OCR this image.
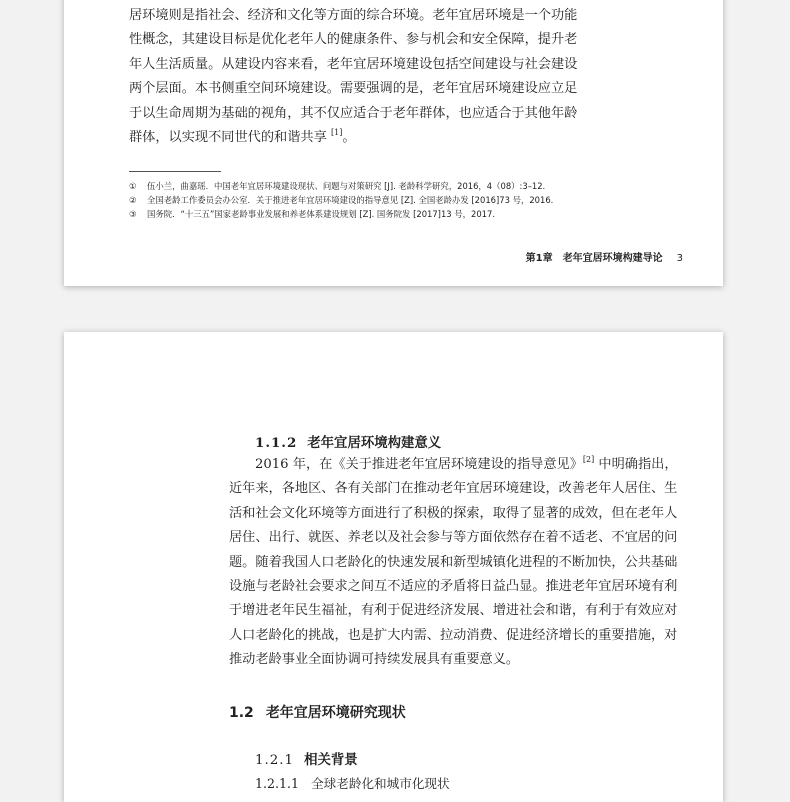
居环境则是指社会、经济和文化等方面的综合环境。老年宜居环境是一个功能
性概念，其建设目标是优化老年人的健康条件、参与机会和安全保障，提升老
年人生活质量。从建设内容来看，老年宜居环境建设包括空间建设与社会建设
两个层面。本书侧重空间环境建设。需要强调的是，老年宜居环境建设应立足
于以生命周期为基础的视角，其不仅应适合于老年群体，也应适合于其他年龄
群体，以实现不同世代的和谐共享 [1]。
① 伍小兰，曲嘉瑶．中国老年宜居环境建设现状、问题与对策研究 [J]. 老龄科学研究，2016，4（08）:3–12.
② 全国老龄工作委员会办公室．关于推进老年宜居环境建设的指导意见 [Z]. 全国老龄办发 [2016]73 号，2016.
③ 国务院．“十三五”国家老龄事业发展和养老体系建设规划 [Z]. 国务院发 [2017]13 号，2017.
第1章　老年宜居环境构建导论 3
1.1.2 老年宜居环境构建意义
2016 年，在《关于推进老年宜居环境建设的指导意见》[2] 中明确指出，
近年来，各地区、各有关部门在推动老年宜居环境建设，改善老年人居住、生
活和社会文化环境等方面进行了积极的探索，取得了显著的成效，但在老年人
居住、出行、就医、养老以及社会参与等方面依然存在着不适老、不宜居的问
题。随着我国人口老龄化的快速发展和新型城镇化进程的不断加快，公共基础
设施与老龄社会要求之间互不适应的矛盾将日益凸显。推进老年宜居环境有利
于增进老年民生福祉，有利于促进经济发展、增进社会和谐，有利于有效应对
人口老龄化的挑战，也是扩大内需、拉动消费、促进经济增长的重要措施，对
推动老龄事业全面协调可持续发展具有重要意义。
1.2 老年宜居环境研究现状
1.2.1 相关背景
1.2.1.1 全球老龄化和城市化现状
